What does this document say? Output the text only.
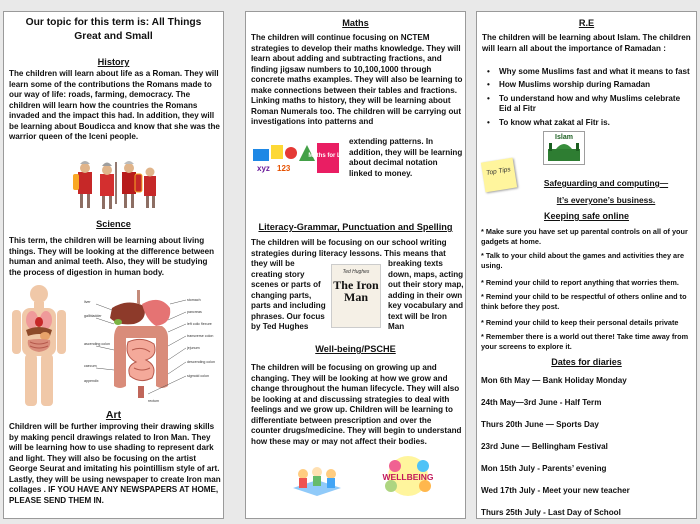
Our topic for this term is: All Things
Great and Small
History
The children will learn about life as a Roman. They will learn some of the contributions the Romans made to our way of life: roads, farming, democracy. The children will learn how the countries the Romans invaded and the impact this had. In addition, they will be learning about Boudicca and know that she was the warrior queen of the Iceni people.
Science
This term, the children will be learning about living things. They will be looking at the difference between human and animal teeth. Also, they will be studying the process of digestion in human body.
stomach
pancreas
left colic flexure
transverse colon
jejunum
descending colon
sigmoid colon
liver
gallbladder
ascending colon
caecum
appendix
rectum
Art
Children will be further improving their drawing skills by making pencil drawings related to Iron Man. They will be learning how to use shading to represent dark and light. They will also be focusing on the artist George Seurat and imitating his pointillism style of art. Lastly, they will be using newspaper to create Iron man collages . IF YOU HAVE ANY NEWSPAPERS AT HOME, PLEASE SEND THEM IN.
Maths
The children will continue focusing on NCTEM strategies to develop their maths knowledge. They will learn about adding and subtracting fractions, and finding jigsaw numbers to 10,100,1000 through concrete maths examples. They will also be learning to make connections between their tables and fractions. Linking maths to history, they will be learning about Roman Numerals too. The children will be carrying out investigations into patterns and
xyz 123
Maths for Life
extending patterns. In addition, they will be learning about decimal notation linked to money.
Literacy-Grammar, Punctuation and Spelling
The children will be focusing on our school writing strategies during literacy lessons. This means that
they will be creating story scenes or parts of changing parts, parts and including phrases. Our focus by Ted Hughes
Ted Hughes
The Iron Man
breaking texts down, maps, acting out their story map, adding in their own key vocabulary and text will be Iron Man
Well-being/PSCHE
The children will be focusing on growing up and changing. They will be looking at how we grow and change throughout the human lifecycle. They will also be looking at and discussing strategies to deal with feelings and we grow up. Children will be learning to differentiate between prescription and over the counter drugs/medicine. They will begin to understand how these may or may not affect their bodies.
WELLBEING
R.E
The children will be learning about Islam. The children will learn all about the importance of Ramadan :
• Why some Muslims fast and what it means to fast
• How Muslims worship during Ramadan
• To understand how and why Muslims celebrate Eid al Fitr
• To know what zakat al Fitr is.
Islam
Top Tips
Safeguarding and computing—
It’s everyone’s business.
Keeping safe online
* Make sure you have set up parental controls on all of your gadgets at home.
* Talk to your child about the games and activities they are using.
* Remind your child to report anything that worries them.
* Remind your child to be respectful of others online and to think before they post.
* Remind your child to keep their personal details private
* Remember there is a world out there! Take time away from your screens to explore it.
Dates for diaries
Mon 6th May — Bank Holiday Monday
24th May—3rd June - Half Term
Thurs 20th June — Sports Day
23rd June — Bellingham Festival
Mon 15th July - Parents’ evening
Wed 17th July - Meet your new teacher
Thurs 25th July - Last Day of School
